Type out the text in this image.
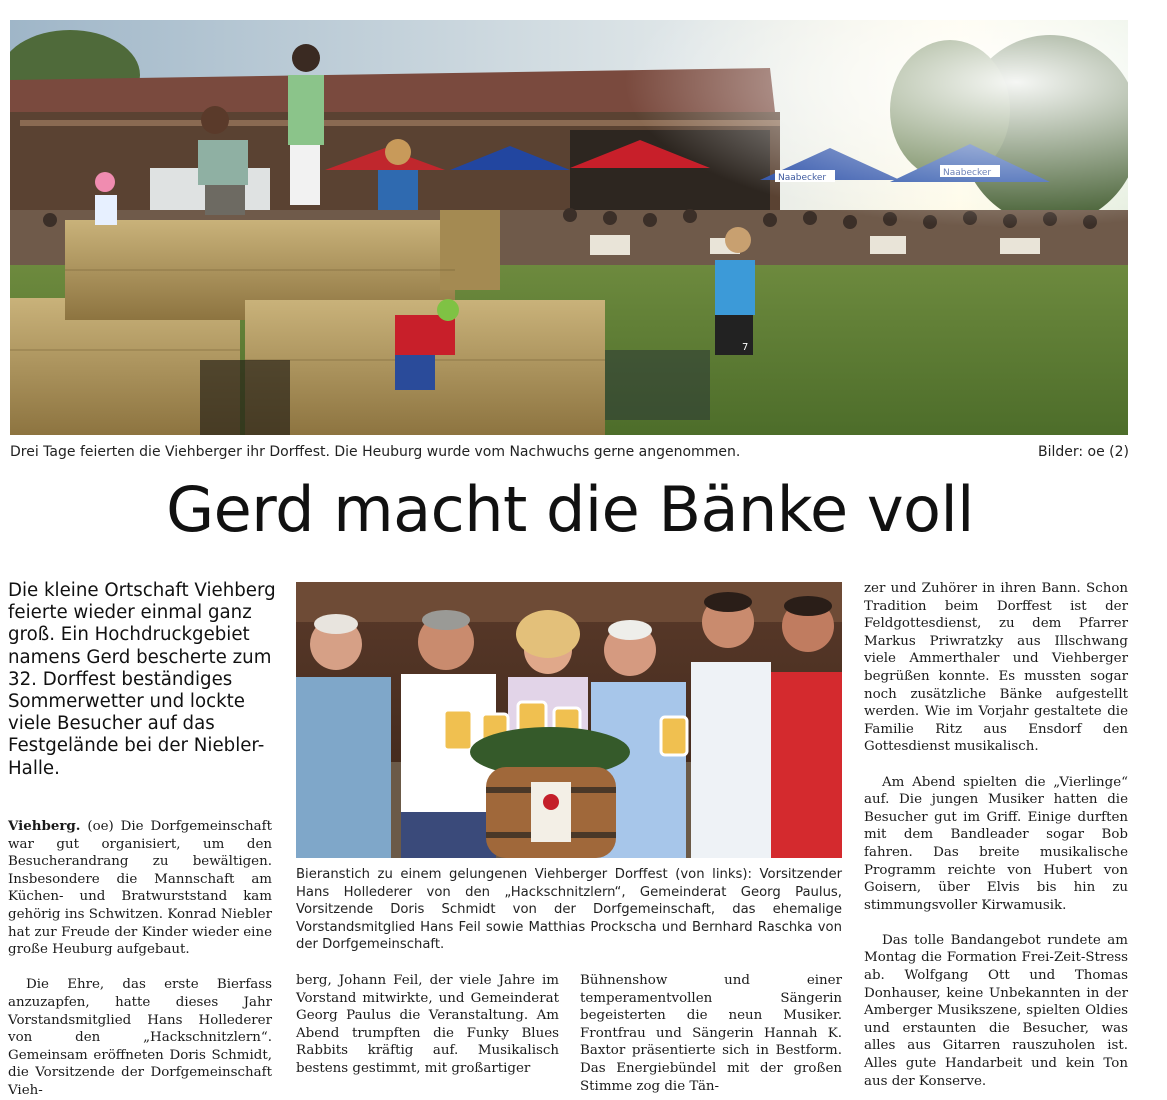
Drei Tage feierten die Viehberger ihr Dorffest. Die Heuburg wurde vom Nachwuchs gerne angenommen.	Bilder: oe (2)
Gerd macht die Bänke voll
Die kleine Ortschaft Viehberg feierte wieder einmal ganz groß. Ein Hochdruckgebiet namens Gerd bescherte zum 32. Dorffest beständiges Sommerwetter und lockte viele Besucher auf das Festgelände bei der Niebler-Halle.

Viehberg. (oe) Die Dorfgemeinschaft war gut organisiert, um den Besucherandrang zu bewältigen. Insbesondere die Mannschaft am Küchen- und Bratwurststand kam gehörig ins Schwitzen. Konrad Niebler hat zur Freude der Kinder wieder eine große Heuburg aufgebaut.

Die Ehre, das erste Bierfass anzuzapfen, hatte dieses Jahr Vorstandsmitglied Hans Hollederer von den „Hackschnitzlern“. Gemeinsam eröffneten Doris Schmidt, die Vorsitzende der Dorfgemeinschaft Vieh-

Bieranstich zu einem gelungenen Viehberger Dorffest (von links): Vorsitzender Hans Hollederer von den „Hackschnitzlern“, Gemeinderat Georg Paulus, Vorsitzende Doris Schmidt von der Dorfgemeinschaft, das ehemalige Vorstandsmitglied Hans Feil sowie Matthias Prockscha und Bernhard Raschka von der Dorfgemeinschaft.

berg, Johann Feil, der viele Jahre im Vorstand mitwirkte, und Gemeinderat Georg Paulus die Veranstaltung. Am Abend trumpften die Funky Blues Rabbits kräftig auf. Musikalisch bestens gestimmt, mit großartiger

Bühnenshow und einer temperamentvollen Sängerin begeisterten die neun Musiker. Frontfrau und Sängerin Hannah K. Baxtor präsentierte sich in Bestform. Das Energiebündel mit der großen Stimme zog die Tän-

zer und Zuhörer in ihren Bann. Schon Tradition beim Dorffest ist der Feldgottesdienst, zu dem Pfarrer Markus Priwratzky aus Illschwang viele Ammerthaler und Viehberger begrüßen konnte. Es mussten sogar noch zusätzliche Bänke aufgestellt werden. Wie im Vorjahr gestaltete die Familie Ritz aus Ensdorf den Gottesdienst musikalisch.

Am Abend spielten die „Vierlinge“ auf. Die jungen Musiker hatten die Besucher gut im Griff. Einige durften mit dem Bandleader sogar Bob fahren. Das breite musikalische Programm reichte von Hubert von Goisern, über Elvis bis hin zu stimmungsvoller Kirwamusik.

Das tolle Bandangebot rundete am Montag die Formation Frei-Zeit-Stress ab. Wolfgang Ott und Thomas Donhauser, keine Unbekannten in der Amberger Musikszene, spielten Oldies und erstaunten die Besucher, was alles aus Gitarren rauszuholen ist. Alles gute Handarbeit und kein Ton aus der Konserve.
